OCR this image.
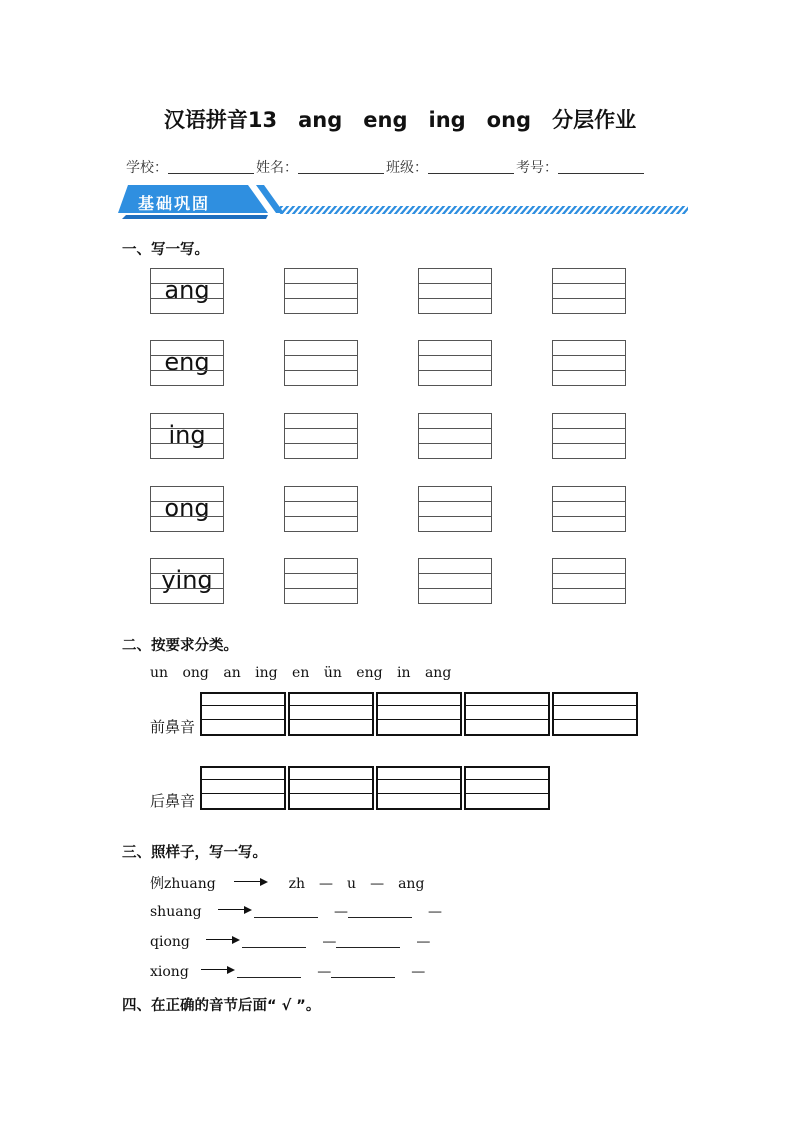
汉语拼音13　ang　eng　ing　ong　分层作业
学校：	姓名：	班级：	考号：
基础巩固
一、写一写。
ang
eng
ing
ong
ying
二、按要求分类。
un ong an ing en ün eng in ang
前鼻音
后鼻音
三、照样子，写一写。
例zhuang	zh — u — ang
shuang	—	—
qiong	—	—
xiong	—	—
四、在正确的音节后面“ √ ”。
